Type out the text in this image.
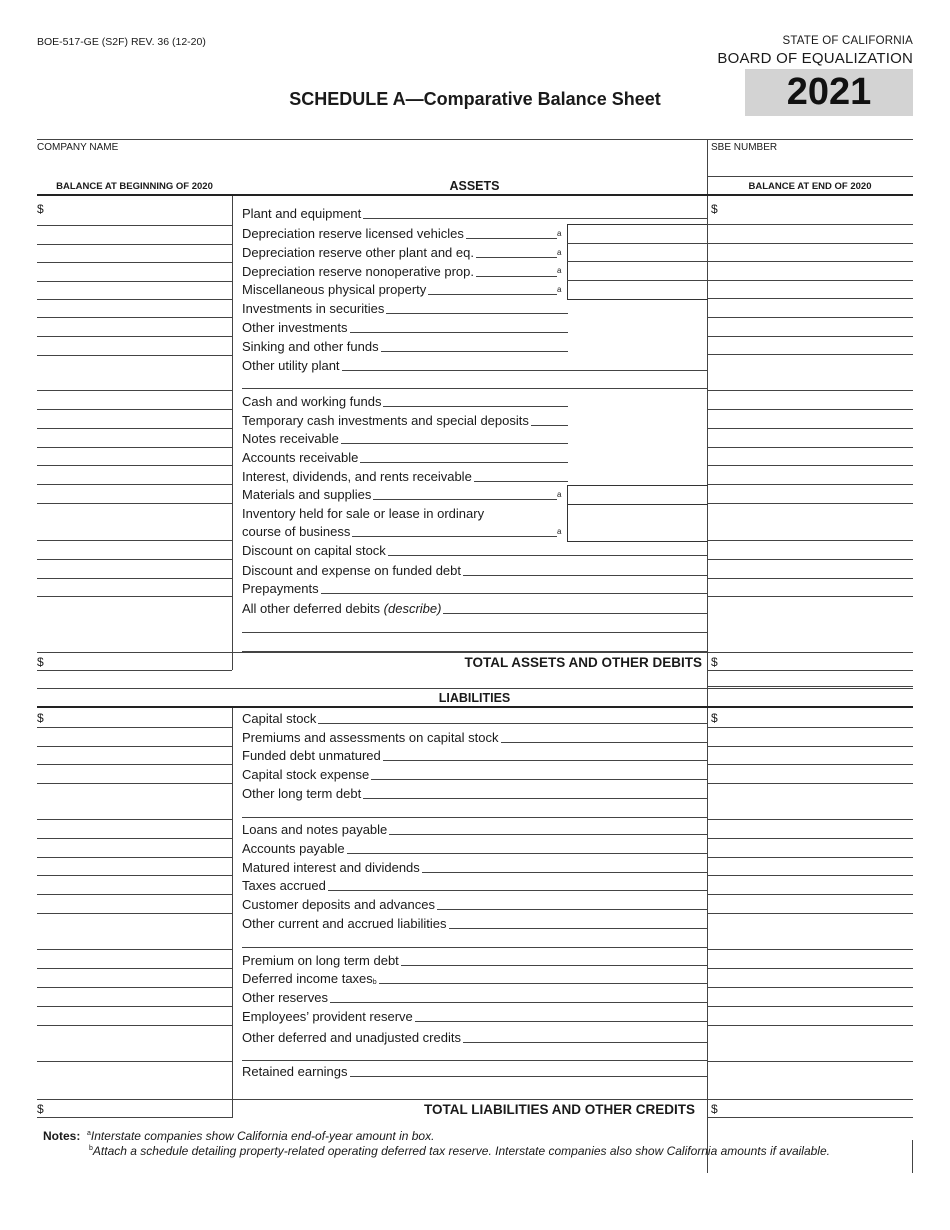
BOE-517-GE (S2F) REV. 36 (12-20)	STATE OF CALIFORNIA
BOARD OF EQUALIZATION
2021
SCHEDULE A—Comparative Balance Sheet
COMPANY NAME	SBE NUMBER
BALANCE AT BEGINNING OF 2020	ASSETS	BALANCE AT END OF 2020
$	$
Plant and equipment
Depreciation reserve licensed vehicles	a
Depreciation reserve other plant and eq.	a
Depreciation reserve nonoperative prop.	a
Miscellaneous physical property	a
Investments in securities
Other investments
Sinking and other funds
Other utility plant
Cash and working funds
Temporary cash investments and special deposits
Notes receivable
Accounts receivable
Interest, dividends, and rents receivable
Materials and supplies	a
Inventory held for sale or lease in ordinary
course of business	a
Discount on capital stock
Discount and expense on funded debt
Prepayments
All other deferred debits
(describe)
$	TOTAL ASSETS AND OTHER DEBITS $
LIABILITIES
$	$
Capital stock
Premiums and assessments on capital stock
Funded debt unmatured
Capital stock expense
Other long term debt
Loans and notes payable
Accounts payable
Matured interest and dividends
Taxes accrued
Customer deposits and advances
Other current and accrued liabilities
Premium on long term debt
Deferred income taxes$_b$
Other reserves
Employees’ provident reserve
Other deferred and unadjusted credits
Retained earnings
$	TOTAL LIABILITIES AND OTHER CREDITS $
Notes: $^a$Interstate companies show California end-of-year amount in box.
$^b$Attach a schedule detailing property-related operating deferred tax reserve. Interstate companies also show California amounts if available.
